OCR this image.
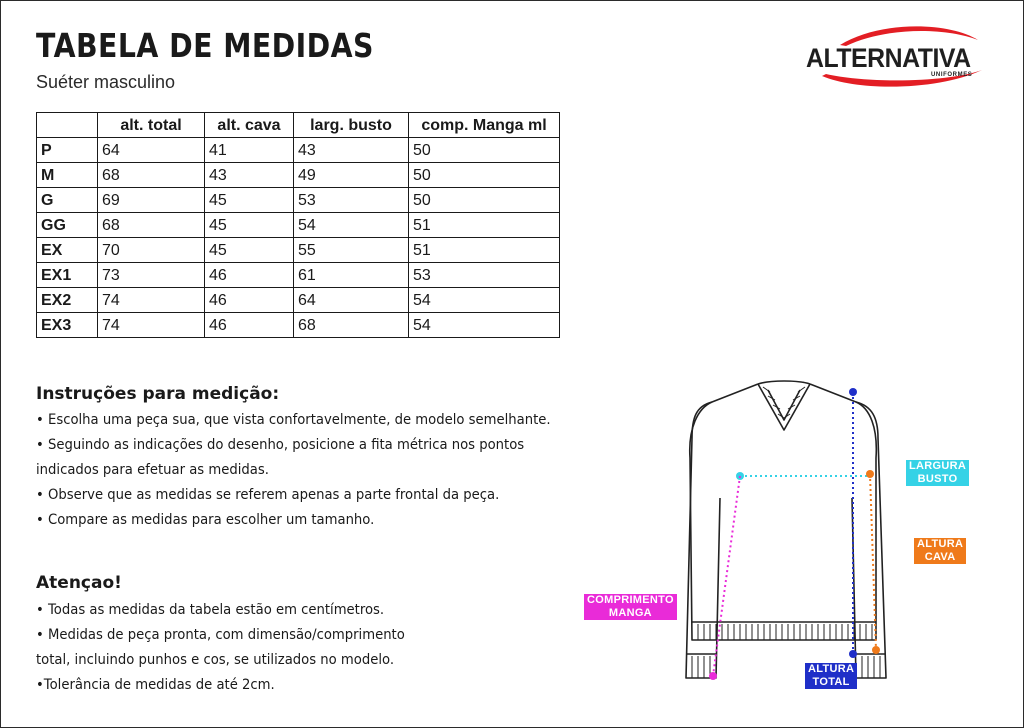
TABELA DE MEDIDAS

Suéter masculino

ALTERNATIVA
UNIFORMES
	alt. total	alt. cava	larg. busto	comp. Manga ml
P	64	41	43	50
M	68	43	49	50
G	69	45	53	50
GG	68	45	54	51
EX	70	45	55	51
EX1	73	46	61	53
EX2	74	46	64	54
EX3	74	46	68	54
Instruções para medição:
• Escolha uma peça sua, que vista confortavelmente, de modelo semelhante.
• Seguindo as indicações do desenho, posicione a fita métrica nos pontos
indicados para efetuar as medidas.
• Observe que as medidas se referem apenas a parte frontal da peça.
• Compare as medidas para escolher um tamanho.
Atençao!
• Todas as medidas da tabela estão em centímetros.
• Medidas de peça pronta, com dimensão/comprimento
total, incluindo punhos e cos, se utilizados no modelo.
•Tolerância de medidas de até 2cm.
LARGURA
BUSTO
ALTURA
CAVA
COMPRIMENTO
MANGA
ALTURA
TOTAL
